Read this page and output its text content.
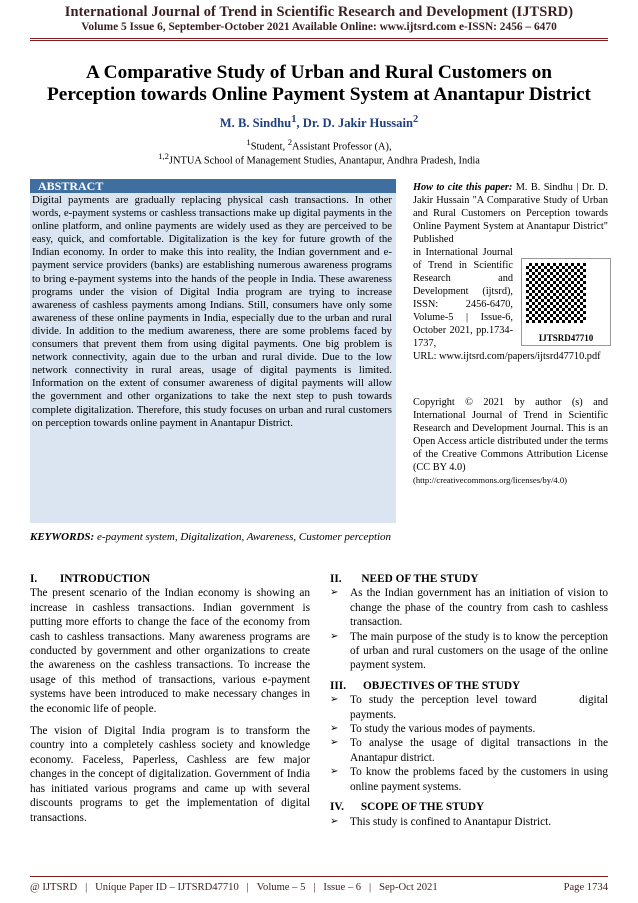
International Journal of Trend in Scientific Research and Development (IJTSRD)
Volume 5 Issue 6, September-October 2021 Available Online: www.ijtsrd.com e-ISSN: 2456 – 6470
A Comparative Study of Urban and Rural Customers on
Perception towards Online Payment System at Anantapur District
M. B. Sindhu$^1$, Dr. D. Jakir Hussain$^2$
$^1$Student, $^2$Assistant Professor (A),
$^{1,2}$JNTUA School of Management Studies, Anantapur, Andhra Pradesh, India
ABSTRACT
Digital payments are gradually replacing physical cash transactions. In other words, e-payment systems or cashless transactions make up digital payments in the online platform, and online payments are widely used as they are perceived to be easy, quick, and comfortable. Digitalization is the key for future growth of the Indian economy. In order to make this into reality, the Indian government and e-payment service providers (banks) are establishing numerous awareness programs to bring e-payment systems into the hands of the people in India. These awareness programs under the vision of Digital India program are trying to increase awareness of cashless payments among Indians. Still, consumers have only some awareness of these online payments in India, especially due to the urban and rural divide. In addition to the medium awareness, there are some problems faced by consumers that prevent them from using digital payments. One big problem is network connectivity, again due to the urban and rural divide. Due to the low network connectivity in rural areas, usage of digital payments is limited. Information on the extent of consumer awareness of digital payments will allow the government and other organizations to take the next step to push towards complete digitalization. Therefore, this study focuses on urban and rural customers on perception towards online payment in Anantapur District.
KEYWORDS: e-payment system, Digitalization, Awareness, Customer perception
How to cite this paper: M. B. Sindhu | Dr. D. Jakir Hussain "A Comparative Study of Urban and Rural Customers on Perception towards Online Payment System at Anantapur District" Published
in International Journal of Trend in Scientific Research and Development (ijtsrd), ISSN: 2456-6470, Volume-5 | Issue-6, October 2021, pp.1734-1737,
URL: www.ijtsrd.com/papers/ijtsrd47710.pdf
IJTSRD47710
Copyright © 2021 by author (s) and International Journal of Trend in Scientific Research and Development Journal. This is an Open Access article distributed under the terms of the Creative Commons Attribution License (CC BY 4.0)
(http://creativecommons.org/licenses/by/4.0)

I.        INTRODUCTION

The present scenario of the Indian economy is showing an increase in cashless transactions. Indian government is putting more efforts to change the face of the economy from cash to cashless transactions. Many awareness programs are conducted by government and other organizations to create the awareness on the cashless transactions. To increase the usage of this method of transactions, various e-payment systems have been introduced to make necessary changes in the economic life of people.

The vision of Digital India program is to transform the country into a completely cashless society and knowledge economy. Faceless, Paperless, Cashless are few major changes in the concept of digitalization. Government of India has initiated various programs and came up with several discounts programs to get the implementation of digital transactions.

II.       NEED OF THE STUDY

➢ As the Indian government has an initiation of vision to change the phase of the country from cash to cashless transaction.

➢ The main purpose of the study is to know the perception of urban and rural customers on the usage of the online payment system.

III.      OBJECTIVES OF THE STUDY

➢ To study the perception level toward      digital payments.

➢ To study the various modes of payments.

➢ To analyse the usage of digital transactions in the Anantapur district.

➢ To know the problems faced by the customers in using online payment systems.

IV.      SCOPE OF THE STUDY

➢ This study is confined to Anantapur District.

@ IJTSRD   |   Unique Paper ID – IJTSRD47710   |   Volume – 5   |   Issue – 6   |   Sep-Oct 2021	Page 1734
